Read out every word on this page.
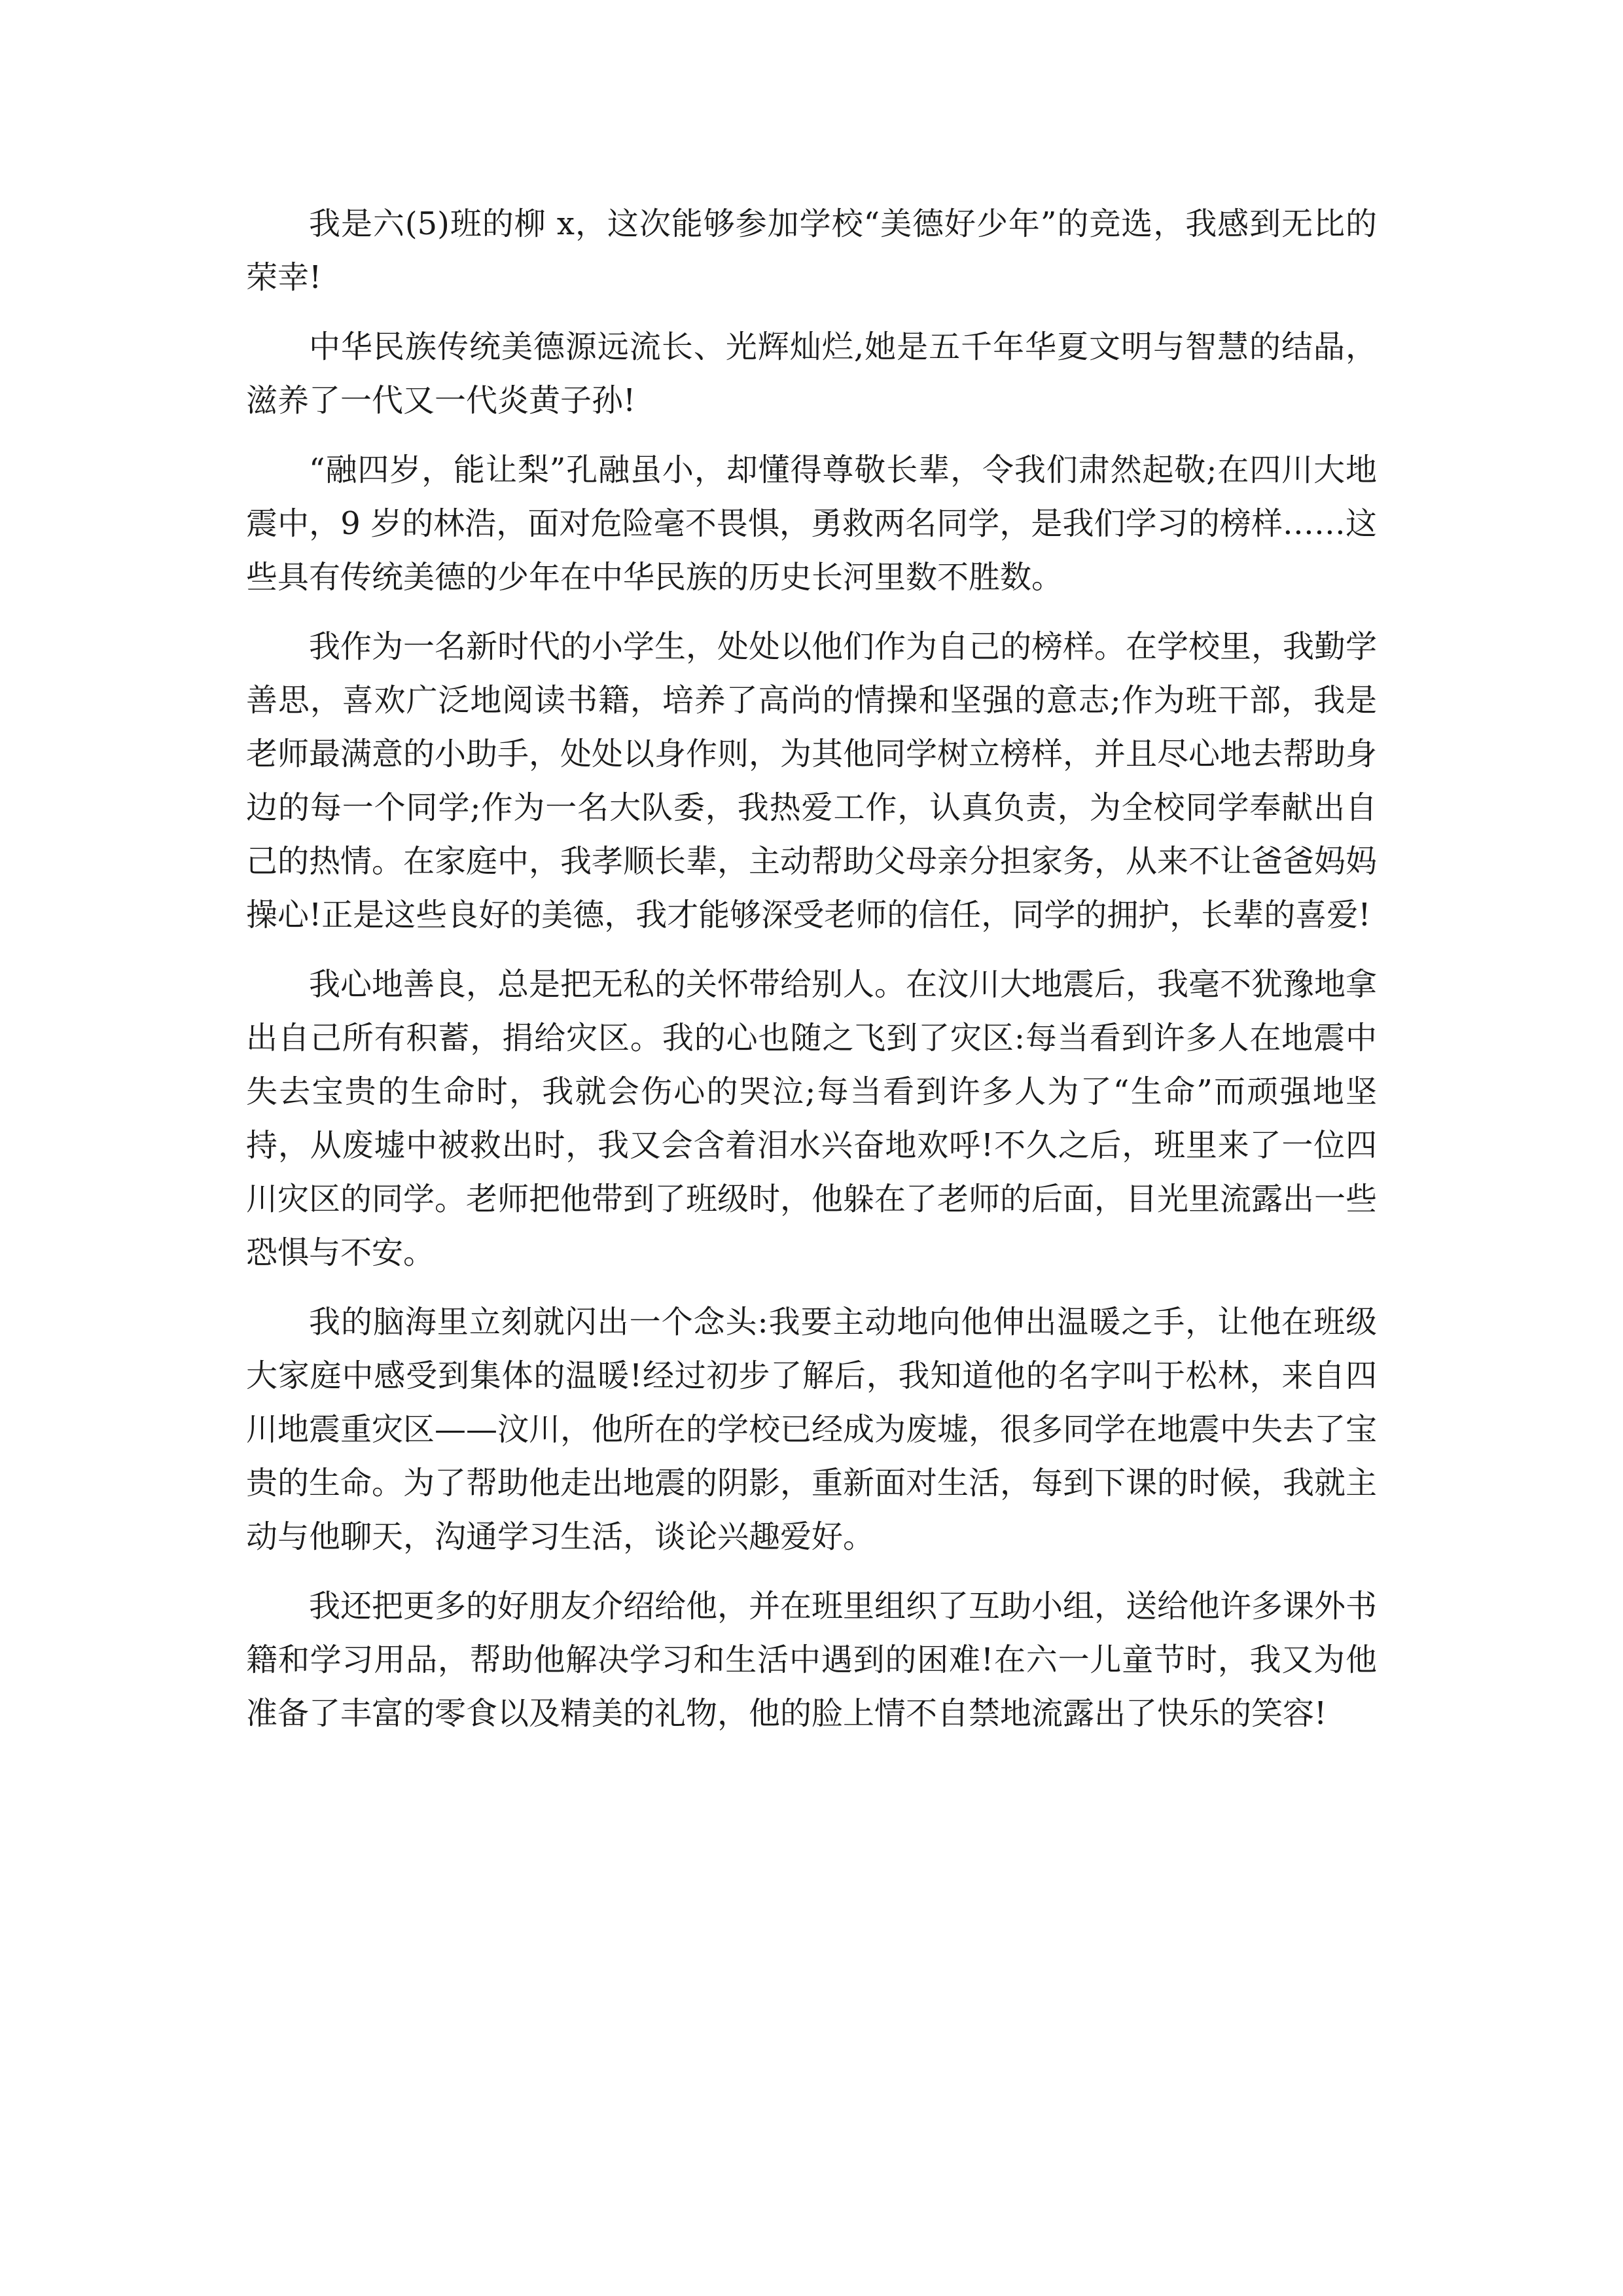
我是六(5)班的柳 x，这次能够参加学校“美德好少年”的竞选，我感到无比的荣幸!

中华民族传统美德源远流长、光辉灿烂,她是五千年华夏文明与智慧的结晶，滋养了一代又一代炎黄子孙!

“融四岁，能让梨”孔融虽小，却懂得尊敬长辈，令我们肃然起敬;在四川大地震中，9 岁的林浩，面对危险毫不畏惧，勇救两名同学，是我们学习的榜样……这些具有传统美德的少年在中华民族的历史长河里数不胜数。

我作为一名新时代的小学生，处处以他们作为自己的榜样。在学校里，我勤学善思，喜欢广泛地阅读书籍，培养了高尚的情操和坚强的意志;作为班干部，我是老师最满意的小助手，处处以身作则，为其他同学树立榜样，并且尽心地去帮助身边的每一个同学;作为一名大队委，我热爱工作，认真负责，为全校同学奉献出自己的热情。在家庭中，我孝顺长辈，主动帮助父母亲分担家务，从来不让爸爸妈妈操心!正是这些良好的美德，我才能够深受老师的信任，同学的拥护，长辈的喜爱!

我心地善良，总是把无私的关怀带给别人。在汶川大地震后，我毫不犹豫地拿出自己所有积蓄，捐给灾区。我的心也随之飞到了灾区:每当看到许多人在地震中失去宝贵的生命时，我就会伤心的哭泣;每当看到许多人为了“生命”而顽强地坚持，从废墟中被救出时，我又会含着泪水兴奋地欢呼!不久之后，班里来了一位四川灾区的同学。老师把他带到了班级时，他躲在了老师的后面，目光里流露出一些恐惧与不安。

我的脑海里立刻就闪出一个念头:我要主动地向他伸出温暖之手，让他在班级大家庭中感受到集体的温暖!经过初步了解后，我知道他的名字叫于松林，来自四川地震重灾区——汶川，他所在的学校已经成为废墟，很多同学在地震中失去了宝贵的生命。为了帮助他走出地震的阴影，重新面对生活，每到下课的时候，我就主动与他聊天，沟通学习生活，谈论兴趣爱好。

我还把更多的好朋友介绍给他，并在班里组织了互助小组，送给他许多课外书籍和学习用品，帮助他解决学习和生活中遇到的困难!在六一儿童节时，我又为他准备了丰富的零食以及精美的礼物，他的脸上情不自禁地流露出了快乐的笑容!
